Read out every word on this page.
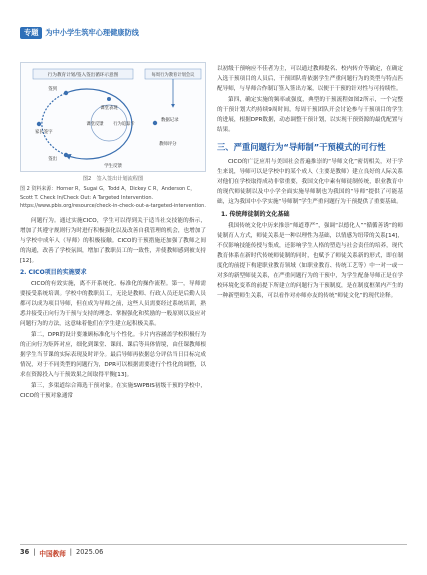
专题 为中小学生筑牢心理健康防线
行为教育计划/签入签出循环示意图	每周行为教育计划会议
签到
家长签字
课堂表现
课堂反馈 行为追踪卡
数据记录
教师评分
签出
学生反馈
图2　签入签出计划流程图
图 2 资料来源：Horner R，Sugai G，Todd A，Dickey C R，Anderson C，Scott T. Check In/Check Out: A Targeted Intervention. https://www.pbis.org/resource/check-in-check-out-a-targeted-intervention.

问题行为。通过实施CICO，学生可以得到关于适当社交技能的指示，增加了其遵守规则行为时进行积极强化以及改善自我管理的机会，也增加了与学校中成年人（导师）的积极接触。CICO的干预措施还加强了教师之间的沟通，改善了学校氛围，增加了教职员工的一致性，并使教师感到被支持[12]。

2. CICO项目的实施要求

CICO的有效实施，离不开系统化、标准化的操作流程。第一，导师需要接受系统培训。学校中的教职员工，无论是教师、行政人员还是后勤人员都可以成为项目导师，但在成为导师之前，这些人员需要经过系统培训，熟悉并接受正向行为干预与支持的理念、掌握强化和奖励的一般原则以及应对问题行为的方法，这意味着他们在学生建立起积极关系。

第二，DPR的设计要兼顾标准化与个性化。卡片内容涵盖学校积极行为的正向行为矩阵对应，细化到课堂、课间、课后等具体情境，由任课教师根据学生当节课的实际表现及时评分。最后导师再依据总分评估当日目标完成情况，对于不同类型的问题行为，DPR可以根据需要进行个性化的调整，以求在资源投入与干预效果之间取得平衡[13]。

第三，多渠道综合筛选干预对象。在实施SWPBIS初级干预的学校中，CICO的干预对象通常

以初级干预响应不佳者为主，可以通过教师提名、校内转介等确定，在确定入选干预项目的人员后，干预团队将依据学生严重问题行为的类型与特点匹配导师，与导师合作制订签入签出方案，以便于干预的针对性与可持续性。

第四，确定实施的频率或强度，典型的干预流程如图2所示，一个完整的干预计划大约持续9周时间，每周干预团队开会讨论参与干预项目的学生的进展，根据DPR数据，动态调整干预计划，以实现干预资源的最优配置与结果。

三、严重问题行为“导师制”干预模式的可行性

CICO的广泛应用与美国社会普遍推崇的“导师文化”密切相关，对于学生来说，导师可以是学校中的某个成人（主要是教师）建立良好的人际关系对他们在学校取得成功非常重要，我国文化中素有师徒制传统，职业教育中的现代师徒制以及中小学全面实施导师制也为我国的“导师”提供了可能基础，这为我国中小学实施“导师制”学生严重问题行为干预提供了重要基础。

1. 传统师徒制的文化基础

我国传统文化中历来推崇“师道尊严”，强调“以德化人”“循循善诱”的师徒制育人方式，师徒关系是一种以理性为基础，以情感为纽带的关系[14]，不仅影响技能传授与集成，还影响学生人格的塑造与社会责任的培养，现代教育体系在新时代传统师徒制的同时，也赋予了师徒关系新的形式，即在制度化的前提下构建职业教育领域（如职业教育、传统工艺等）中一对一或一对多的新型师徒关系，在严重问题行为的干预中，为学生配备导师正是在学校环境化变革的前提下所建立的问题行为干预制度，是在制度框架内产生的一种新型师生关系，可以看作对亦师亦友的传统“师徒文化”的现代诠释。

36 | 中国教师 | 2025.06
